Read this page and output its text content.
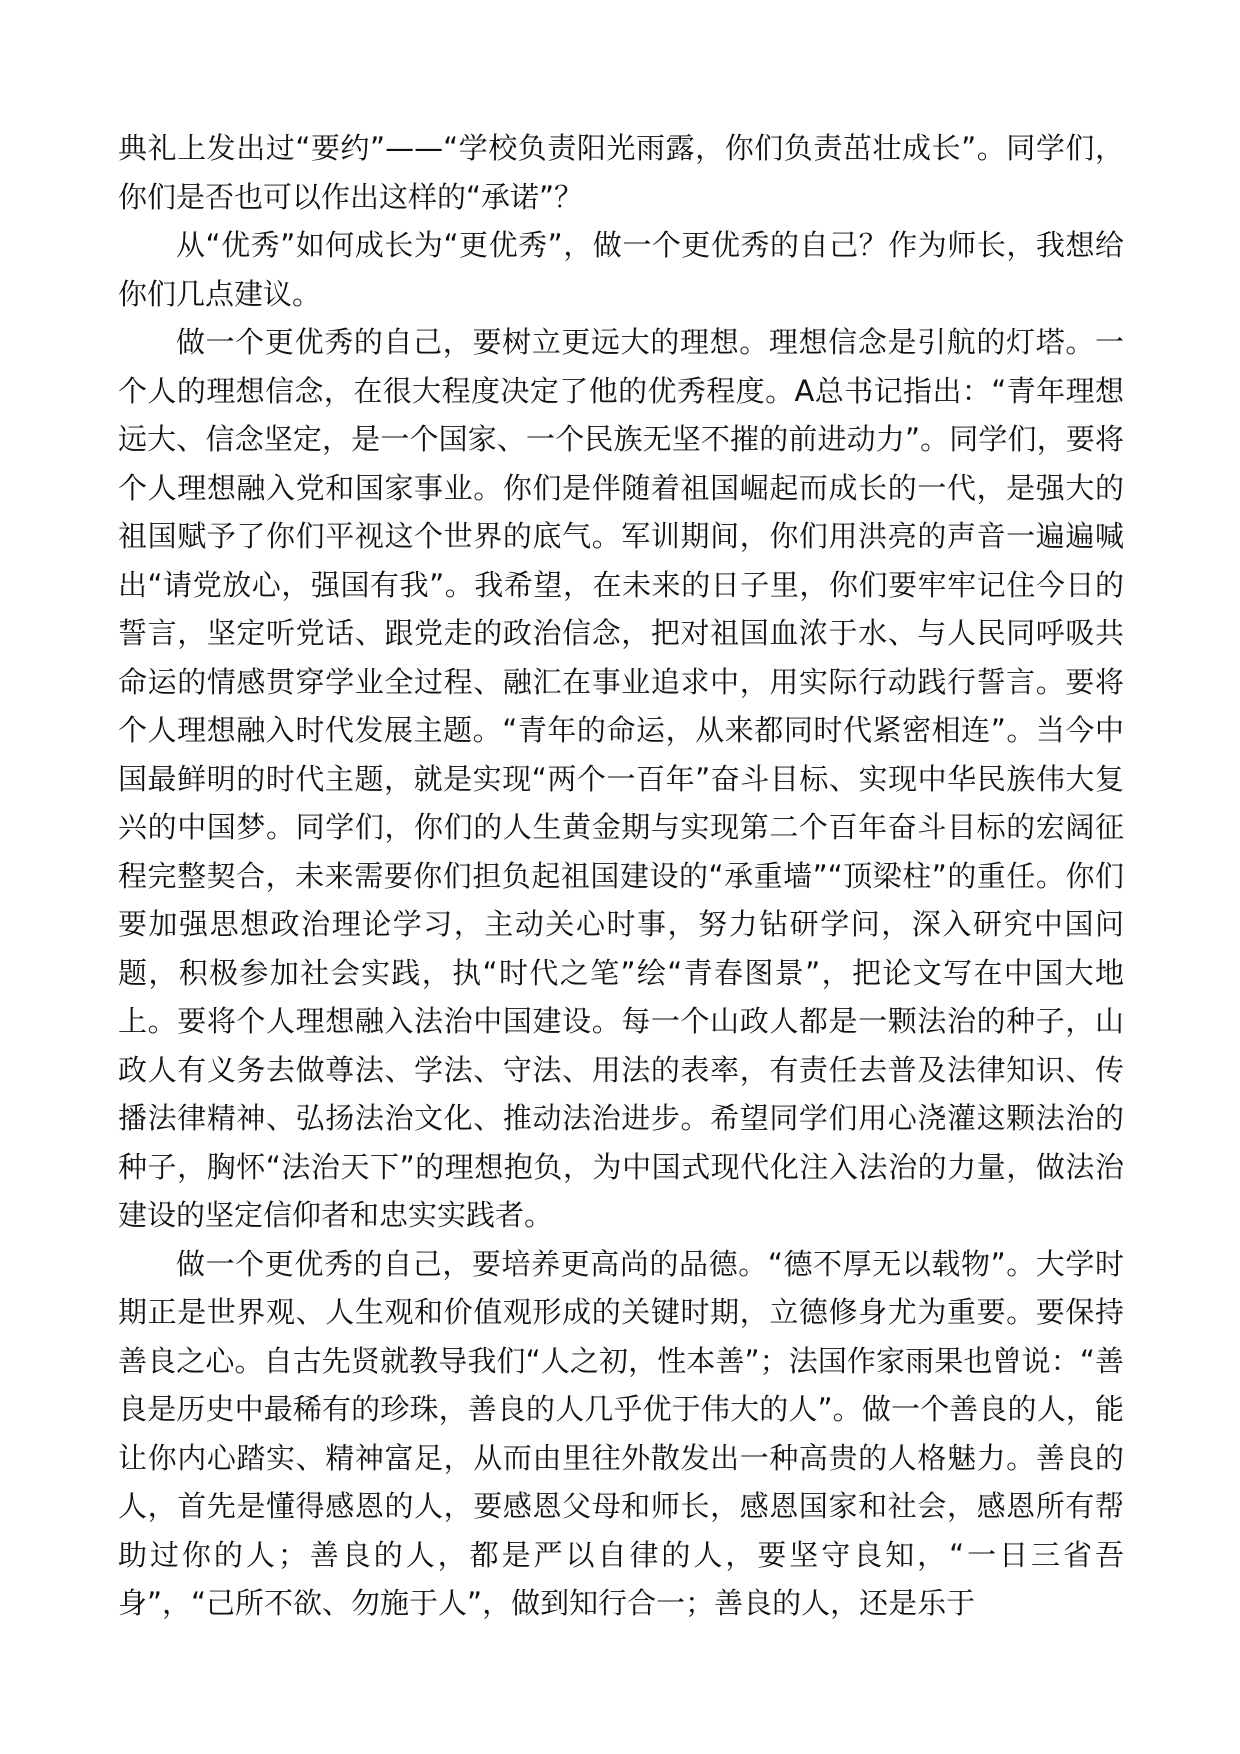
典礼上发出过“要约”——“学校负责阳光雨露，你们负责茁壮成长”。同学们，你们是否也可以作出这样的“承诺”？

从“优秀”如何成长为“更优秀”，做一个更优秀的自己？作为师长，我想给你们几点建议。

做一个更优秀的自己，要树立更远大的理想。理想信念是引航的灯塔。一个人的理想信念，在很大程度决定了他的优秀程度。A总书记指出：“青年理想远大、信念坚定，是一个国家、一个民族无坚不摧的前进动力”。同学们，要将个人理想融入党和国家事业。你们是伴随着祖国崛起而成长的一代，是强大的祖国赋予了你们平视这个世界的底气。军训期间，你们用洪亮的声音一遍遍喊出“请党放心，强国有我”。我希望，在未来的日子里，你们要牢牢记住今日的誓言，坚定听党话、跟党走的政治信念，把对祖国血浓于水、与人民同呼吸共命运的情感贯穿学业全过程、融汇在事业追求中，用实际行动践行誓言。要将个人理想融入时代发展主题。“青年的命运，从来都同时代紧密相连”。当今中国最鲜明的时代主题，就是实现“两个一百年”奋斗目标、实现中华民族伟大复兴的中国梦。同学们，你们的人生黄金期与实现第二个百年奋斗目标的宏阔征程完整契合，未来需要你们担负起祖国建设的“承重墙”“顶梁柱”的重任。你们要加强思想政治理论学习，主动关心时事，努力钻研学问，深入研究中国问题，积极参加社会实践，执“时代之笔”绘“青春图景”，把论文写在中国大地上。要将个人理想融入法治中国建设。每一个山政人都是一颗法治的种子，山政人有义务去做尊法、学法、守法、用法的表率，有责任去普及法律知识、传播法律精神、弘扬法治文化、推动法治进步。希望同学们用心浇灌这颗法治的种子，胸怀“法治天下”的理想抱负，为中国式现代化注入法治的力量，做法治建设的坚定信仰者和忠实实践者。

做一个更优秀的自己，要培养更高尚的品德。“德不厚无以载物”。大学时期正是世界观、人生观和价值观形成的关键时期，立德修身尤为重要。要保持善良之心。自古先贤就教导我们“人之初，性本善”；法国作家雨果也曾说：“善良是历史中最稀有的珍珠，善良的人几乎优于伟大的人”。做一个善良的人，能让你内心踏实、精神富足，从而由里往外散发出一种高贵的人格魅力。善良的人，首先是懂得感恩的人，要感恩父母和师长，感恩国家和社会，感恩所有帮助过你的人；善良的人，都是严以自律的人，要坚守良知，“一日三省吾身”，“己所不欲、勿施于人”，做到知行合一；善良的人，还是乐于
